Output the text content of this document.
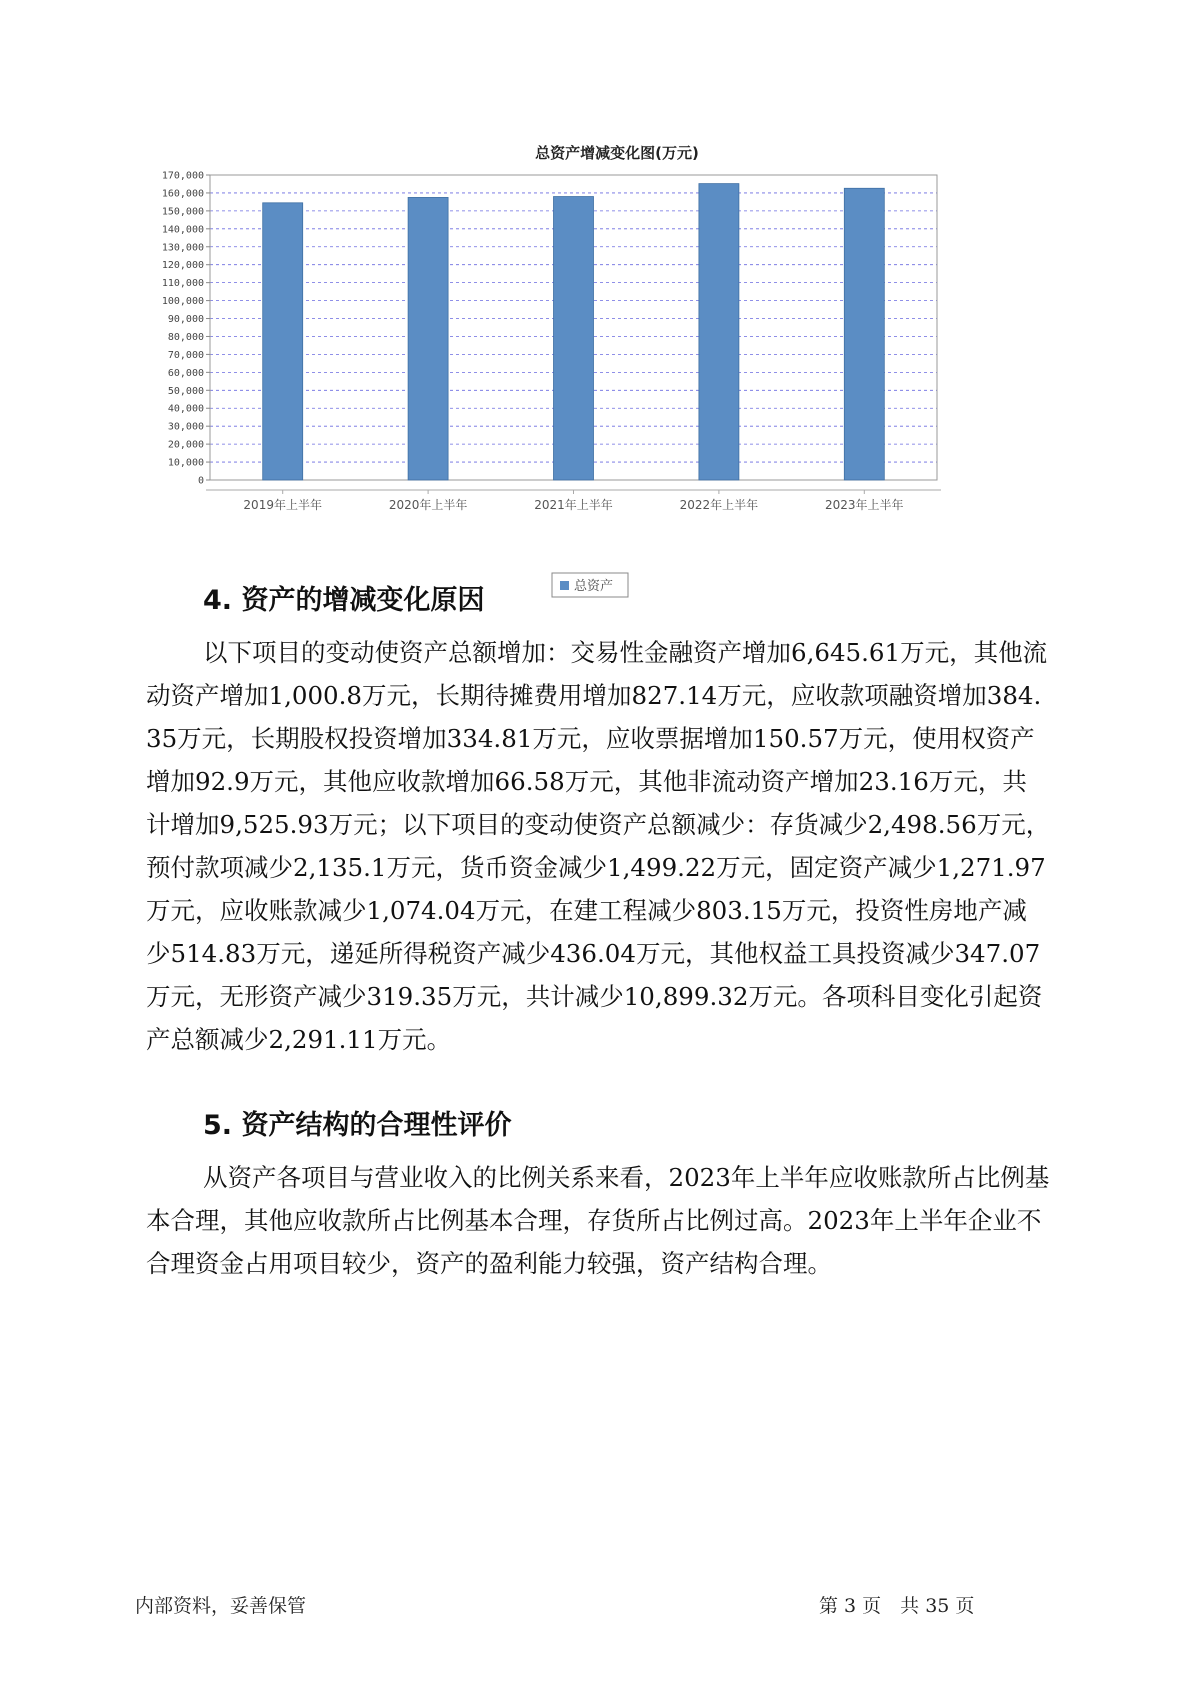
总资产增减变化图(万元)
0
10,000
20,000
30,000
40,000
50,000
60,000
70,000
80,000
90,000
100,000
110,000
120,000
130,000
140,000
150,000
160,000
170,000
2019年上半年	2020年上半年	2021年上半年	2022年上半年	2023年上半年
总资产
4. 资产的增减变化原因

以下项目的变动使资产总额增加：交易性金融资产增加6,645.61万元，其他流动资产增加1,000.8万元，长期待摊费用增加827.14万元，应收款项融资增加384.35万元，长期股权投资增加334.81万元，应收票据增加150.57万元，使用权资产增加92.9万元，其他应收款增加66.58万元，其他非流动资产增加23.16万元，共计增加9,525.93万元；以下项目的变动使资产总额减少：存货减少2,498.56万元，预付款项减少2,135.1万元，货币资金减少1,499.22万元，固定资产减少1,271.97万元，应收账款减少1,074.04万元，在建工程减少803.15万元，投资性房地产减少514.83万元，递延所得税资产减少436.04万元，其他权益工具投资减少347.07万元，无形资产减少319.35万元，共计减少10,899.32万元。各项科目变化引起资产总额减少2,291.11万元。

5. 资产结构的合理性评价

从资产各项目与营业收入的比例关系来看，2023年上半年应收账款所占比例基本合理，其他应收款所占比例基本合理，存货所占比例过高。2023年上半年企业不合理资金占用项目较少，资产的盈利能力较强，资产结构合理。

内部资料，妥善保管	第 3 页　共 35 页
